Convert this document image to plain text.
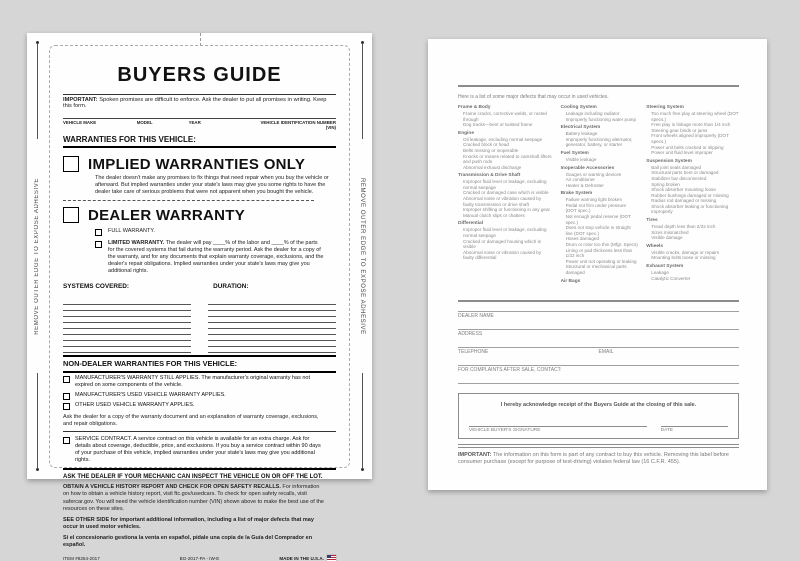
REMOVE OUTER EDGE TO EXPOSE ADHESIVE	REMOVE OUTER EDGE TO EXPOSE ADHESIVE
BUYERS GUIDE
IMPORTANT: Spoken promises are difficult to enforce. Ask the dealer to put all promises in writing. Keep this form.
VEHICLE MAKE	MODEL	YEAR	VEHICLE IDENTIFICATION NUMBER (VIN)
WARRANTIES FOR THIS VEHICLE:
IMPLIED WARRANTIES ONLY
The dealer doesn't make any promises to fix things that need repair when you buy the vehicle or afterward. But implied warranties under your state's laws may give you some rights to have the dealer take care of serious problems that were not apparent when you bought the vehicle.
DEALER WARRANTY
FULL WARRANTY.
LIMITED WARRANTY. The dealer will pay ____% of the labor and ____% of the parts for the covered systems that fail during the warranty period. Ask the dealer for a copy of the warranty, and for any documents that explain warranty coverage, exclusions, and the dealer's repair obligations. Implied warranties under your state's laws may give you additional rights.
SYSTEMS COVERED:	DURATION:
NON-DEALER WARRANTIES FOR THIS VEHICLE:
MANUFACTURER'S WARRANTY STILL APPLIES. The manufacturer's original warranty has not expired on some components of the vehicle.
MANUFACTURER'S USED VEHICLE WARRANTY APPLIES.
OTHER USED VEHICLE WARRANTY APPLIES.
Ask the dealer for a copy of the warranty document and an explanation of warranty coverage, exclusions, and repair obligations.
SERVICE CONTRACT. A service contract on this vehicle is available for an extra charge. Ask for details about coverage, deductible, price, and exclusions. If you buy a service contract within 90 days of your purchase of this vehicle, implied warranties under your state's laws may give you additional rights.
ASK THE DEALER IF YOUR MECHANIC CAN INSPECT THE VEHICLE ON OR OFF THE LOT.
OBTAIN A VEHICLE HISTORY REPORT AND CHECK FOR OPEN SAFETY RECALLS. For information on how to obtain a vehicle history report, visit ftc.gov/usedcars. To check for open safety recalls, visit safercar.gov. You will need the vehicle identification number (VIN) shown above to make the best use of the resources on these sites.
SEE OTHER SIDE for important additional information, including a list of major defects that may occur in used motor vehicles.
Si el concesionario gestiona la venta en español, pídale una copia de la Guía del Comprador en español.
ITEM #8254-2017	BG-2017-PA - IW-E	MADE IN THE U.S.A.
Here is a list of some major defects that may occur in used vehicles.
Frame & Body
Frame cracks, corrective welds, or rusted through
Dog tracks—bent or twisted frame
Engine
Oil leakage, excluding normal seepage
Cracked block or head
Belts missing or inoperable
Knocks or misses related to camshaft lifters and push rods
Abnormal exhaust discharge
Transmission & Drive Shaft
Improper fluid level or leakage, excluding normal seepage
Cracked or damaged case which is visible
Abnormal noise or vibration caused by faulty transmission or drive shaft
Improper shifting or functioning in any gear
Manual clutch slips or chatters
Differential
Improper fluid level or leakage, excluding normal seepage
Cracked or damaged housing which is visible
Abnormal noise or vibration caused by faulty differential
Cooling System
Leakage including radiator
Improperly functioning water pump
Electrical System
Battery leakage
Improperly functioning alternator, generator, battery, or starter
Fuel System
Visible leakage
Inoperable Accessories
Gauges or warning devices
Air conditioner
Heater & Defroster
Brake System
Failure warning light broken
Pedal not firm under pressure (DOT spec.)
Not enough pedal reserve (DOT spec.)
Does not stop vehicle in straight line (DOT spec.)
Hoses damaged
Drum or rotor too thin (Mfgr. Specs)
Lining or pad thickness less than 1/32 inch
Power unit not operating or leaking
Structural or mechanical parts damaged
Air Bags
Steering System
Too much free play at steering wheel (DOT specs.)
Free play in linkage more than 1/4 inch
Steering gear binds or jams
Front wheels aligned improperly (DOT specs.)
Power unit belts cracked or slipping
Power unit fluid level improper
Suspension System
Ball joint seals damaged
Structural parts bent or damaged
Stabilizer bar disconnected
Spring broken
Shock absorber mounting loose
Rubber bushings damaged or missing
Radius rod damaged or missing
Shock absorber leaking or functioning improperly
Tires
Tread depth less than 2/32 inch
Sizes mismatched
Visible damage
Wheels
Visible cracks, damage or repairs
Mounting bolts loose or missing
Exhaust System
Leakage
Catalytic Converter
DEALER NAME
ADDRESS
TELEPHONE	EMAIL
FOR COMPLAINTS AFTER SALE, CONTACT:
I hereby acknowledge receipt of the Buyers Guide at the closing of this sale.
VEHICLE BUYER'S SIGNATURE	DATE
IMPORTANT: The information on this form is part of any contract to buy this vehicle. Removing this label before consumer purchase (except for purpose of test-driving) violates federal law (16 C.F.R. 455).
